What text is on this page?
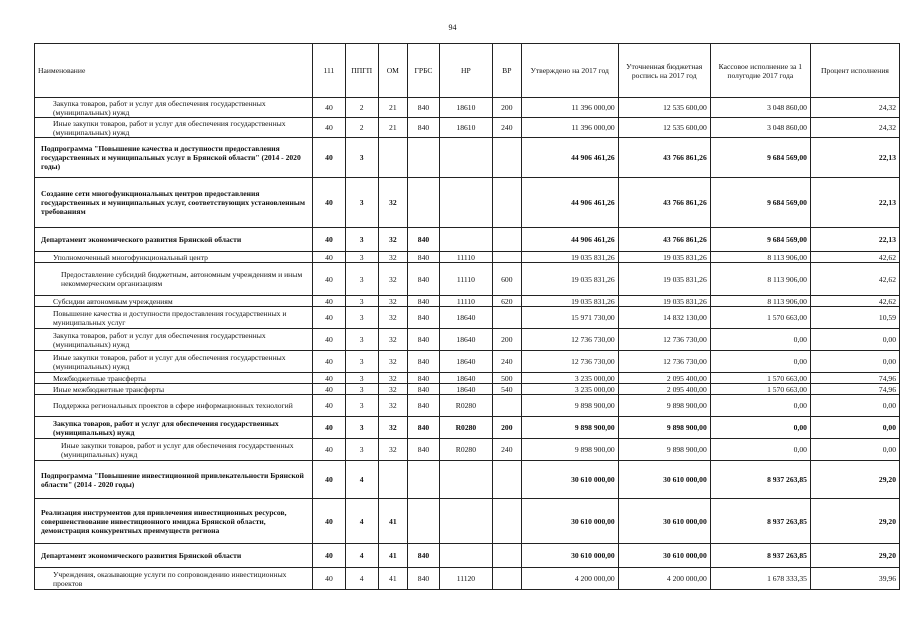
94
Наименование	111	ППГП	ОМ	ГРБС	НР	ВР	Утверждено на 2017 год	Уточненная бюджетная роспись на 2017 год	Кассовое исполнение за 1 полугодие 2017 года	Процент исполнения
Закупка товаров, работ и услуг для обеспечения государственных (муниципальных) нужд	40	2	21	840	18610	200	11 396 000,00	12 535 600,00	3 048 860,00	24,32
Иные закупки товаров, работ и услуг для обеспечения государственных (муниципальных) нужд	40	2	21	840	18610	240	11 396 000,00	12 535 600,00	3 048 860,00	24,32
Подпрограмма "Повышение качества и доступности предоставления государственных и муниципальных услуг в Брянской области" (2014 - 2020 годы)	40	3					44 906 461,26	43 766 861,26	9 684 569,00	22,13
Создание сети многофункциональных центров предоставления государственных и муниципальных услуг, соответствующих установленным требованиям	40	3	32				44 906 461,26	43 766 861,26	9 684 569,00	22,13
Департамент экономического развития Брянской области	40	3	32	840			44 906 461,26	43 766 861,26	9 684 569,00	22,13
Уполномоченный многофункциональный центр	40	3	32	840	11110		19 035 831,26	19 035 831,26	8 113 906,00	42,62
Предоставление субсидий бюджетным, автономным учреждениям и иным некоммерческим организациям	40	3	32	840	11110	600	19 035 831,26	19 035 831,26	8 113 906,00	42,62
Субсидии автономным учреждениям	40	3	32	840	11110	620	19 035 831,26	19 035 831,26	8 113 906,00	42,62
Повышение качества и доступности предоставления государственных и муниципальных услуг	40	3	32	840	18640		15 971 730,00	14 832 130,00	1 570 663,00	10,59
Закупка товаров, работ и услуг для обеспечения государственных (муниципальных) нужд	40	3	32	840	18640	200	12 736 730,00	12 736 730,00	0,00	0,00
Иные закупки товаров, работ и услуг для обеспечения государственных (муниципальных) нужд	40	3	32	840	18640	240	12 736 730,00	12 736 730,00	0,00	0,00
Межбюджетные трансферты	40	3	32	840	18640	500	3 235 000,00	2 095 400,00	1 570 663,00	74,96
Иные межбюджетные трансферты	40	3	32	840	18640	540	3 235 000,00	2 095 400,00	1 570 663,00	74,96
Поддержка региональных проектов в сфере информационных технологий	40	3	32	840	R0280		9 898 900,00	9 898 900,00	0,00	0,00
Закупка товаров, работ и услуг для обеспечения государственных (муниципальных) нужд	40	3	32	840	R0280	200	9 898 900,00	9 898 900,00	0,00	0,00
Иные закупки товаров, работ и услуг для обеспечения государственных (муниципальных) нужд	40	3	32	840	R0280	240	9 898 900,00	9 898 900,00	0,00	0,00
Подпрограмма "Повышение инвестиционной привлекательности Брянской области" (2014 - 2020 годы)	40	4					30 610 000,00	30 610 000,00	8 937 263,85	29,20
Реализация инструментов для привлечения инвестиционных ресурсов, совершенствование инвестиционного имиджа Брянской области, демонстрация конкурентных преимуществ региона	40	4	41				30 610 000,00	30 610 000,00	8 937 263,85	29,20
Департамент экономического развития Брянской области	40	4	41	840			30 610 000,00	30 610 000,00	8 937 263,85	29,20
Учреждения, оказывающие услуги по сопровождению инвестиционных проектов	40	4	41	840	11120		4 200 000,00	4 200 000,00	1 678 333,35	39,96
